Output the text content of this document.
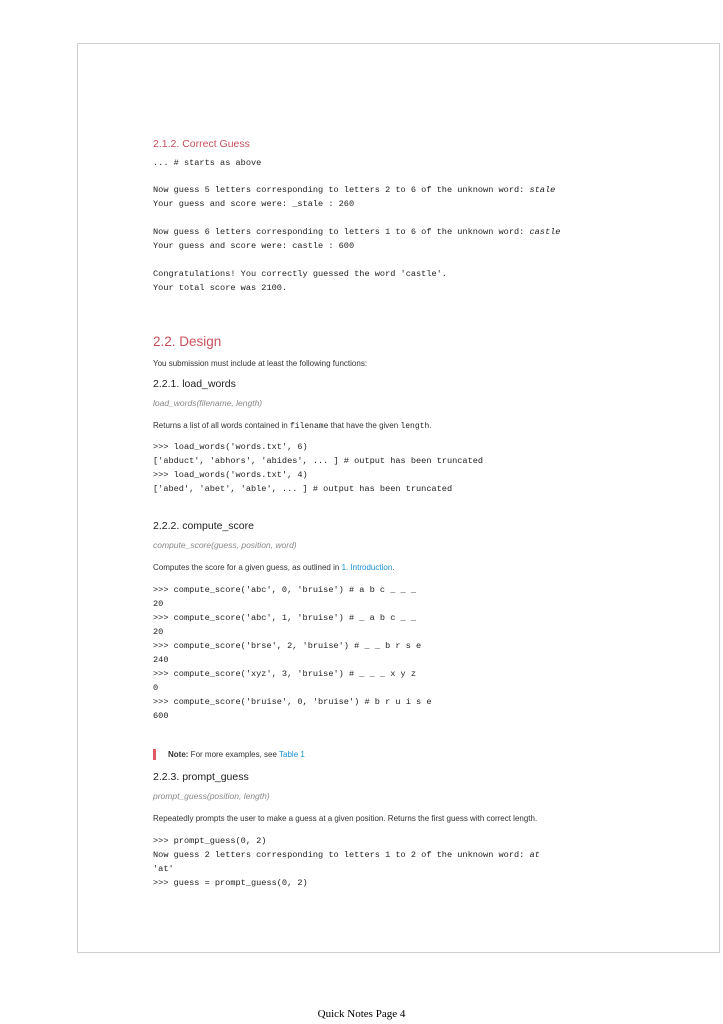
2.1.2. Correct Guess
... # starts as above
Now guess 5 letters corresponding to letters 2 to 6 of the unknown word: stale
Your guess and score were: _stale : 260
Now guess 6 letters corresponding to letters 1 to 6 of the unknown word: castle
Your guess and score were: castle : 600
Congratulations! You correctly guessed the word 'castle'.
Your total score was 2100.
2.2. Design
You submission must include at least the following functions:
2.2.1. load_words
load_words(filename, length)
Returns a list of all words contained in filename that have the given length.
>>> load_words('words.txt', 6)
['abduct', 'abhors', 'abides', ... ] # output has been truncated
>>> load_words('words.txt', 4)
['abed', 'abet', 'able', ... ] # output has been truncated
2.2.2. compute_score
compute_score(guess, position, word)
Computes the score for a given guess, as outlined in 1. Introduction.
>>> compute_score('abc', 0, 'bruise') # a b c _ _ _
20
>>> compute_score('abc', 1, 'bruise') # _ a b c _ _
20
>>> compute_score('brse', 2, 'bruise') # _ _ b r s e
240
>>> compute_score('xyz', 3, 'bruise') # _ _ _ x y z
0
>>> compute_score('bruise', 0, 'bruise') # b r u i s e
600
Note: For more examples, see Table 1
2.2.3. prompt_guess
prompt_guess(position, length)
Repeatedly prompts the user to make a guess at a given position. Returns the first guess with correct length.
>>> prompt_guess(0, 2)
Now guess 2 letters corresponding to letters 1 to 2 of the unknown word: at
'at'
>>> guess = prompt_guess(0, 2)
Quick Notes Page 4
